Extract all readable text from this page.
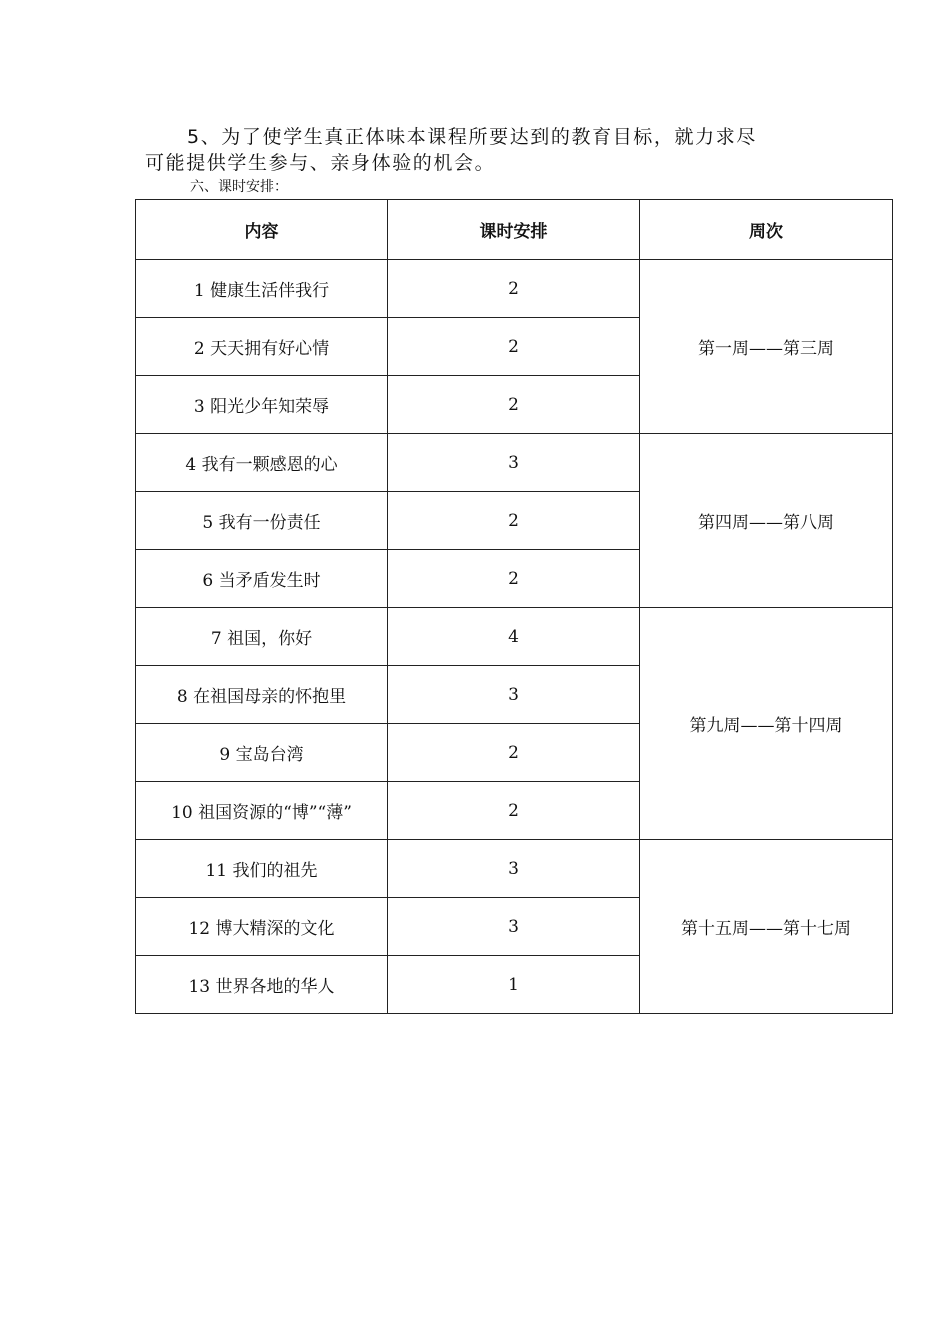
5、为了使学生真正体味本课程所要达到的教育目标，就力求尽
可能提供学生参与、亲身体验的机会。
六、课时安排：
内容	课时安排	周次
1 健康生活伴我行	2	第一周——第三周
2 天天拥有好心情	2	
3 阳光少年知荣辱	2	
4 我有一颗感恩的心	3	第四周——第八周
5 我有一份责任	2	
6 当矛盾发生时	2	
7 祖国，你好	4	第九周——第十四周
8 在祖国母亲的怀抱里	3	
9 宝岛台湾	2	
10 祖国资源的“博”“薄”	2	
11 我们的祖先	3	第十五周——第十七周
12 博大精深的文化	3	
13 世界各地的华人	1	
